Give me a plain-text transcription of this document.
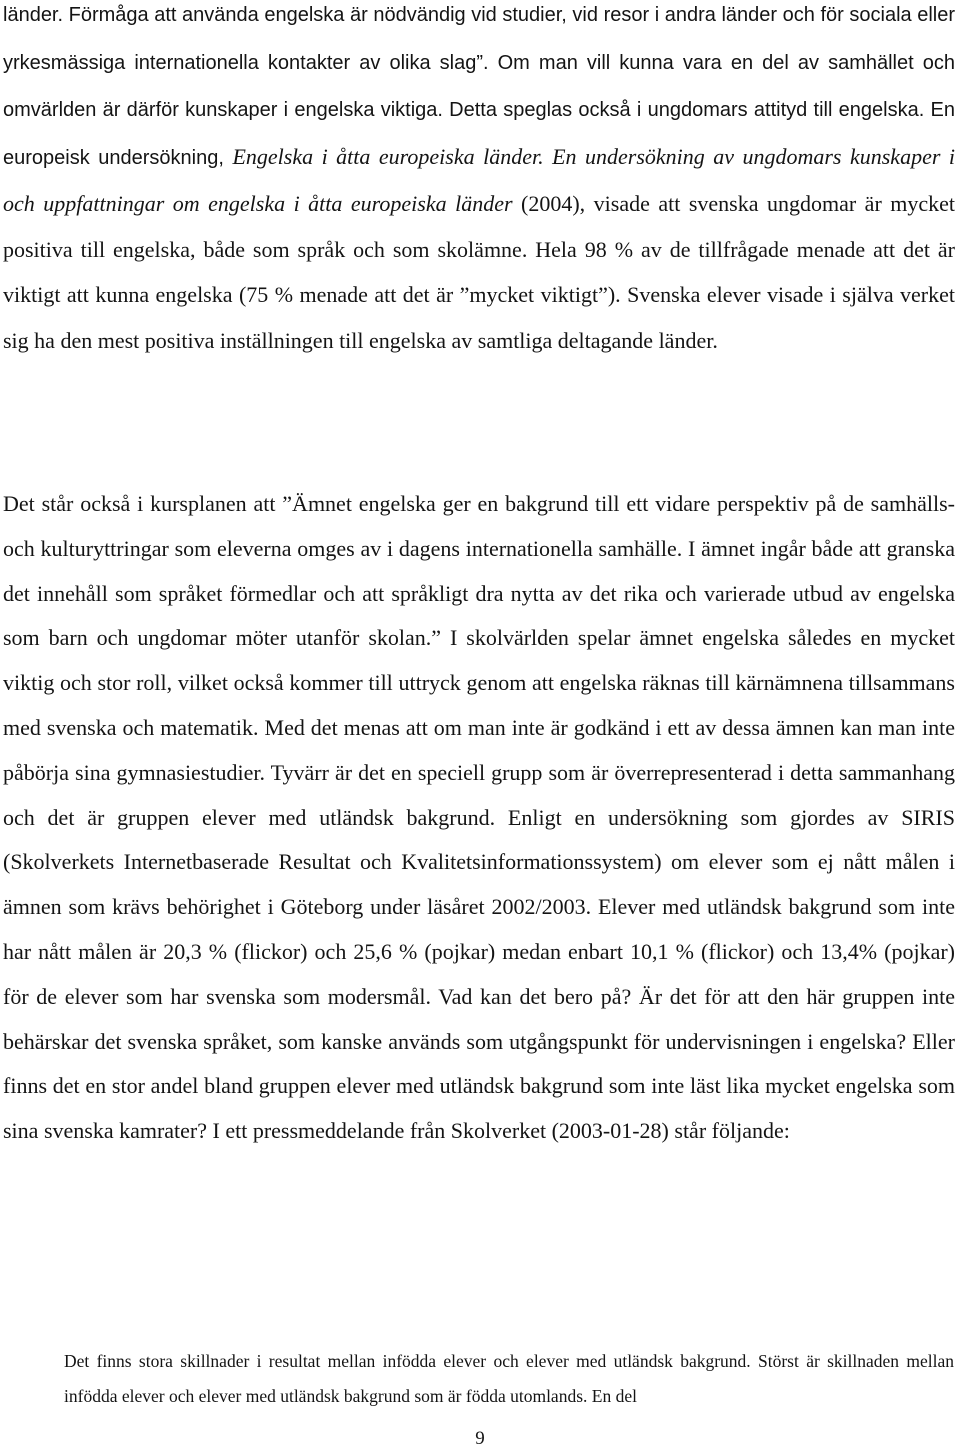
länder. Förmåga att använda engelska är nödvändig vid studier, vid resor i andra länder och för sociala eller yrkesmässiga internationella kontakter av olika slag”. Om man vill kunna vara en del av samhället och omvärlden är därför kunskaper i engelska viktiga. Detta speglas också i ungdomars attityd till engelska. En europeisk undersökning, Engelska i åtta europeiska länder. En undersökning av ungdomars kunskaper i och uppfattningar om engelska i åtta europeiska länder (2004), visade att svenska ungdomar är mycket positiva till engelska, både som språk och som skolämne. Hela 98 % av de tillfrågade menade att det är viktigt att kunna engelska (75 % menade att det är ”mycket viktigt”). Svenska elever visade i själva verket sig ha den mest positiva inställningen till engelska av samtliga deltagande länder.

Det står också i kursplanen att ”Ämnet engelska ger en bakgrund till ett vidare perspektiv på de samhälls- och kulturyttringar som eleverna omges av i dagens internationella samhälle. I ämnet ingår både att granska det innehåll som språket förmedlar och att språkligt dra nytta av det rika och varierade utbud av engelska som barn och ungdomar möter utanför skolan.” I skolvärlden spelar ämnet engelska således en mycket viktig och stor roll, vilket också kommer till uttryck genom att engelska räknas till kärnämnena tillsammans med svenska och matematik. Med det menas att om man inte är godkänd i ett av dessa ämnen kan man inte påbörja sina gymnasiestudier. Tyvärr är det en speciell grupp som är överrepresenterad i detta sammanhang och det är gruppen elever med utländsk bakgrund. Enligt en undersökning som gjordes av SIRIS (Skolverkets Internetbaserade Resultat och Kvalitetsinformationssystem) om elever som ej nått målen i ämnen som krävs behörighet i Göteborg under läsåret 2002/2003. Elever med utländsk bakgrund som inte har nått målen är 20,3 % (flickor) och 25,6 % (pojkar) medan enbart 10,1 % (flickor) och 13,4% (pojkar) för de elever som har svenska som modersmål. Vad kan det bero på? Är det för att den här gruppen inte behärskar det svenska språket, som kanske används som utgångspunkt för undervisningen i engelska? Eller finns det en stor andel bland gruppen elever med utländsk bakgrund som inte läst lika mycket engelska som sina svenska kamrater? I ett pressmeddelande från Skolverket (2003-01-28) står följande:

Det finns stora skillnader i resultat mellan infödda elever och elever med utländsk bakgrund. Störst är skillnaden mellan infödda elever och elever med utländsk bakgrund som är födda utomlands. En del

9
